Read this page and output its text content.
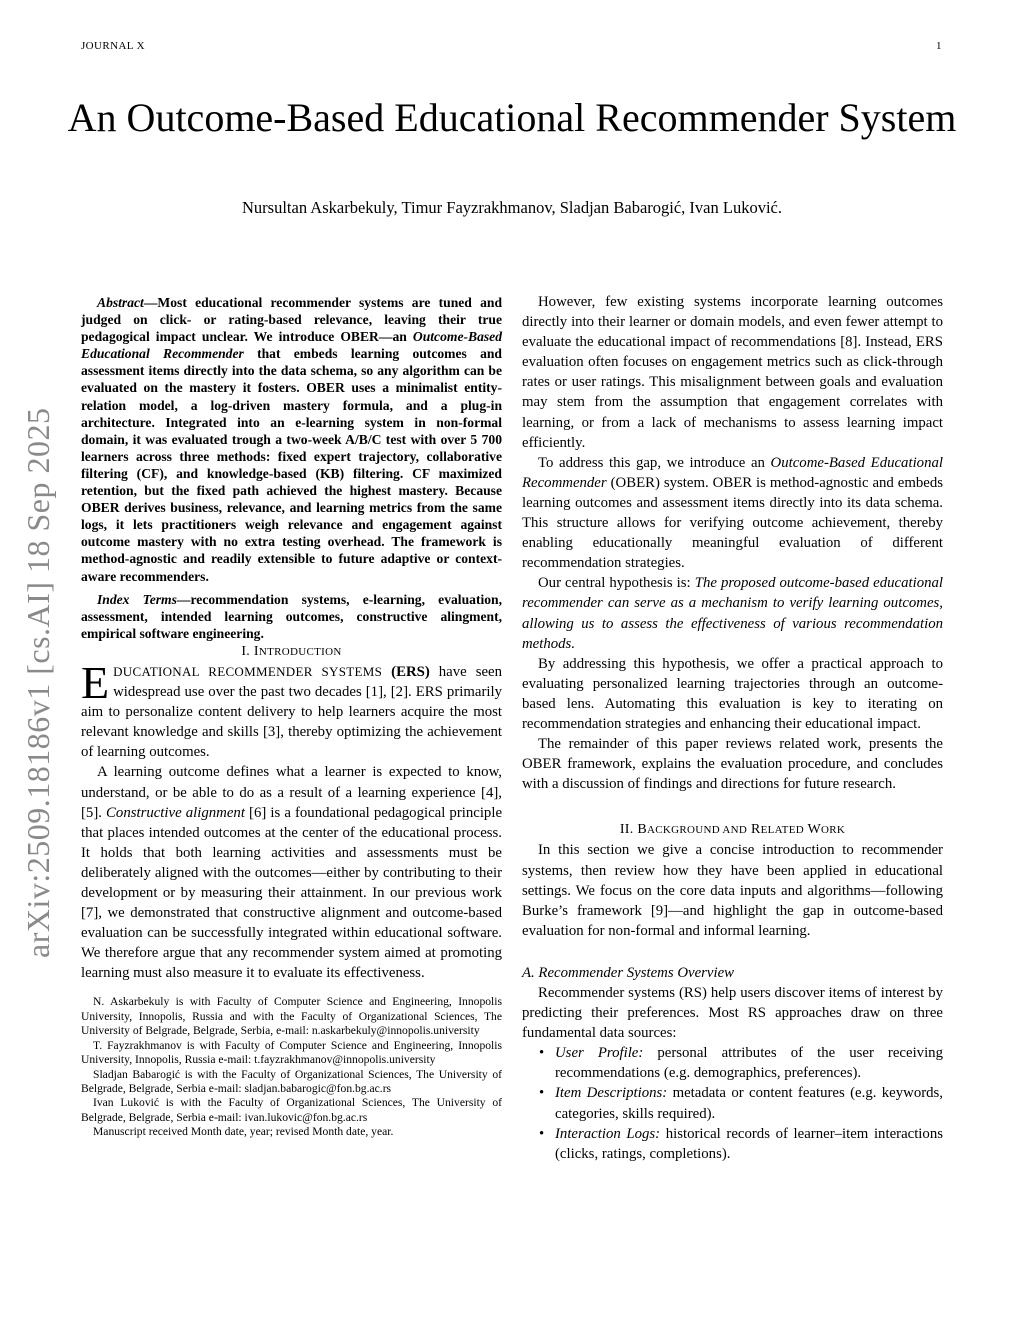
JOURNAL X	1
An Outcome-Based Educational Recommender System
Nursultan Askarbekuly, Timur Fayzrakhmanov, Sladjan Babarogić, Ivan Luković.
arXiv:2509.18186v1 [cs.AI] 18 Sep 2025

Abstract—Most educational recommender systems are tuned and judged on click- or rating-based relevance, leaving their true pedagogical impact unclear. We introduce OBER—an Outcome-Based Educational Recommender that embeds learning outcomes and assessment items directly into the data schema, so any algorithm can be evaluated on the mastery it fosters. OBER uses a minimalist entity-relation model, a log-driven mastery formula, and a plug-in architecture. Integrated into an e-learning system in non-formal domain, it was evaluated trough a two-week A/B/C test with over 5 700 learners across three methods: fixed expert trajectory, collaborative filtering (CF), and knowledge-based (KB) filtering. CF maximized retention, but the fixed path achieved the highest mastery. Because OBER derives business, relevance, and learning metrics from the same logs, it lets practitioners weigh relevance and engagement against outcome mastery with no extra testing overhead. The framework is method-agnostic and readily extensible to future adaptive or context-aware recommenders.

Index Terms—recommendation systems, e-learning, evaluation, assessment, intended learning outcomes, constructive alingment, empirical software engineering.

I. INTRODUCTION

EDUCATIONAL RECOMMENDER SYSTEMS (ERS) have seen widespread use over the past two decades [1], [2]. ERS primarily aim to personalize content delivery to help learners acquire the most relevant knowledge and skills [3], thereby optimizing the achievement of learning outcomes.

A learning outcome defines what a learner is expected to know, understand, or be able to do as a result of a learning experience [4], [5]. Constructive alignment [6] is a foundational pedagogical principle that places intended outcomes at the center of the educational process. It holds that both learning activities and assessments must be deliberately aligned with the outcomes—either by contributing to their development or by measuring their attainment. In our previous work [7], we demonstrated that constructive alignment and outcome-based evaluation can be successfully integrated within educational software. We therefore argue that any recommender system aimed at promoting learning must also measure it to evaluate its effectiveness.

N. Askarbekuly is with Faculty of Computer Science and Engineering, Innopolis University, Innopolis, Russia and with the Faculty of Organizational Sciences, The University of Belgrade, Belgrade, Serbia, e-mail: n.askarbekuly@innopolis.university

T. Fayzrakhmanov is with Faculty of Computer Science and Engineering, Innopolis University, Innopolis, Russia e-mail: t.fayzrakhmanov@innopolis.university

Sladjan Babarogić is with the Faculty of Organizational Sciences, The University of Belgrade, Belgrade, Serbia e-mail: sladjan.babarogic@fon.bg.ac.rs

Ivan Luković is with the Faculty of Organizational Sciences, The University of Belgrade, Belgrade, Serbia e-mail: ivan.lukovic@fon.bg.ac.rs

Manuscript received Month date, year; revised Month date, year.

However, few existing systems incorporate learning outcomes directly into their learner or domain models, and even fewer attempt to evaluate the educational impact of recommendations [8]. Instead, ERS evaluation often focuses on engagement metrics such as click-through rates or user ratings. This misalignment between goals and evaluation may stem from the assumption that engagement correlates with learning, or from a lack of mechanisms to assess learning impact efficiently.

To address this gap, we introduce an Outcome-Based Educational Recommender (OBER) system. OBER is method-agnostic and embeds learning outcomes and assessment items directly into its data schema. This structure allows for verifying outcome achievement, thereby enabling educationally meaningful evaluation of different recommendation strategies.

Our central hypothesis is: The proposed outcome-based educational recommender can serve as a mechanism to verify learning outcomes, allowing us to assess the effectiveness of various recommendation methods.

By addressing this hypothesis, we offer a practical approach to evaluating personalized learning trajectories through an outcome-based lens. Automating this evaluation is key to iterating on recommendation strategies and enhancing their educational impact.

The remainder of this paper reviews related work, presents the OBER framework, explains the evaluation procedure, and concludes with a discussion of findings and directions for future research.

II. BACKGROUND AND RELATED WORK

In this section we give a concise introduction to recommender systems, then review how they have been applied in educational settings. We focus on the core data inputs and algorithms—following Burke’s framework [9]—and highlight the gap in outcome-based evaluation for non-formal and informal learning.

A. Recommender Systems Overview

Recommender systems (RS) help users discover items of interest by predicting their preferences. Most RS approaches draw on three fundamental data sources:

• User Profile: personal attributes of the user receiving recommendations (e.g. demographics, preferences).
• Item Descriptions: metadata or content features (e.g. keywords, categories, skills required).
• Interaction Logs: historical records of learner–item interactions (clicks, ratings, completions).
